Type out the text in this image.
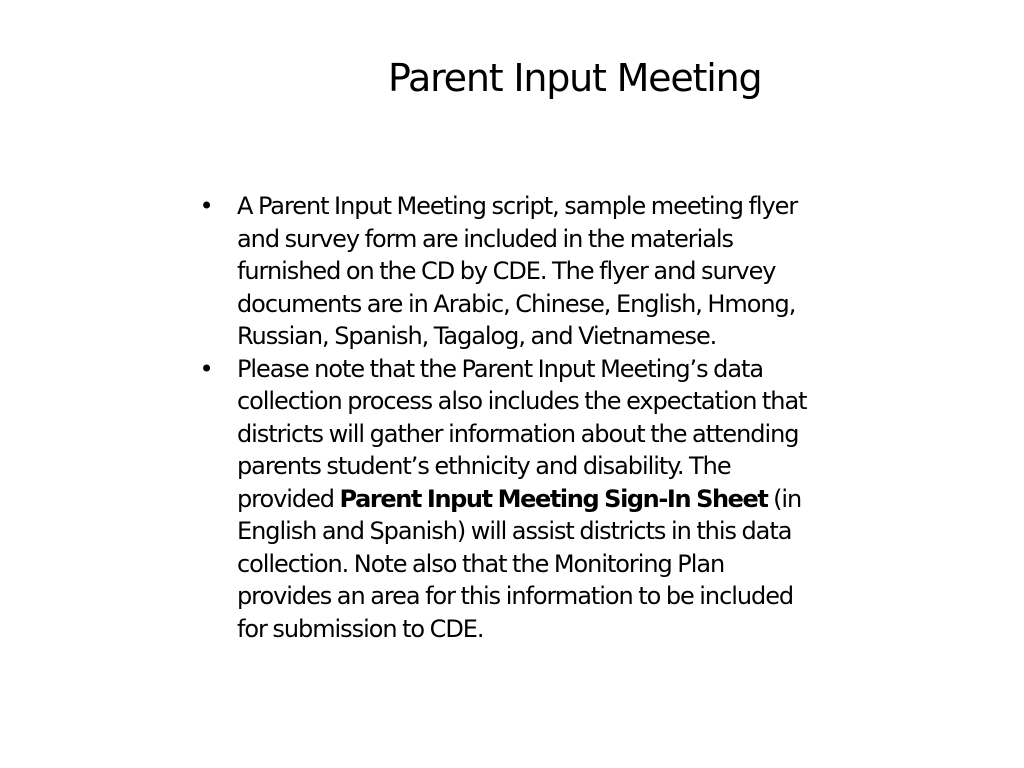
Parent Input Meeting
• A Parent Input Meeting script, sample meeting flyer
and survey form are included in the materials
furnished on the CD by CDE. The flyer and survey
documents are in Arabic, Chinese, English, Hmong,
Russian, Spanish, Tagalog, and Vietnamese.
• Please note that the Parent Input Meeting’s data
collection process also includes the expectation that
districts will gather information about the attending
parents student’s ethnicity and disability. The
provided Parent Input Meeting Sign-In Sheet (in
English and Spanish) will assist districts in this data
collection. Note also that the Monitoring Plan
provides an area for this information to be included
for submission to CDE.
